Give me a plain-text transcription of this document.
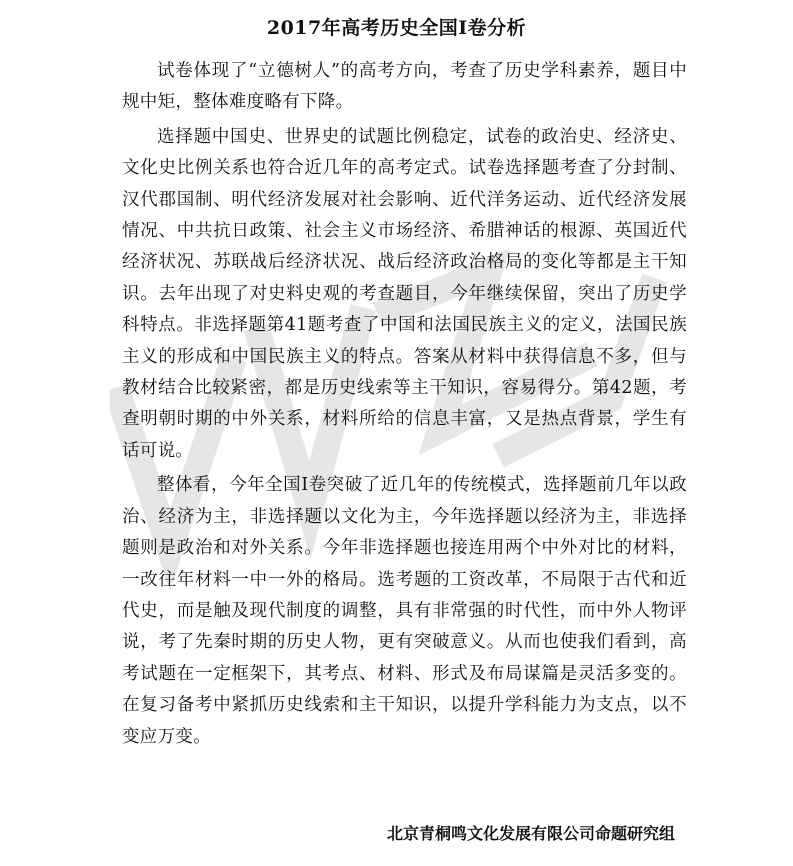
2017年高考历史全国Ⅰ卷分析

试卷体现了“立德树人”的高考方向，考查了历史学科素养，题目中规中矩，整体难度略有下降。

选择题中国史、世界史的试题比例稳定，试卷的政治史、经济史、文化史比例关系也符合近几年的高考定式。试卷选择题考查了分封制、汉代郡国制、明代经济发展对社会影响、近代洋务运动、近代经济发展情况、中共抗日政策、社会主义市场经济、希腊神话的根源、英国近代经济状况、苏联战后经济状况、战后经济政治格局的变化等都是主干知识。去年出现了对史料史观的考查题目，今年继续保留，突出了历史学科特点。非选择题第41题考查了中国和法国民族主义的定义，法国民族主义的形成和中国民族主义的特点。答案从材料中获得信息不多，但与教材结合比较紧密，都是历史线索等主干知识，容易得分。第42题，考查明朝时期的中外关系，材料所给的信息丰富，又是热点背景，学生有话可说。

整体看，今年全国Ⅰ卷突破了近几年的传统模式，选择题前几年以政治、经济为主，非选择题以文化为主，今年选择题以经济为主，非选择题则是政治和对外关系。今年非选择题也接连用两个中外对比的材料，一改往年材料一中一外的格局。选考题的工资改革，不局限于古代和近代史，而是触及现代制度的调整，具有非常强的时代性，而中外人物评说，考了先秦时期的历史人物，更有突破意义。从而也使我们看到，高考试题在一定框架下，其考点、材料、形式及布局谋篇是灵活多变的。在复习备考中紧抓历史线索和主干知识，以提升学科能力为支点，以不变应万变。

北京青桐鸣文化发展有限公司命题研究组
